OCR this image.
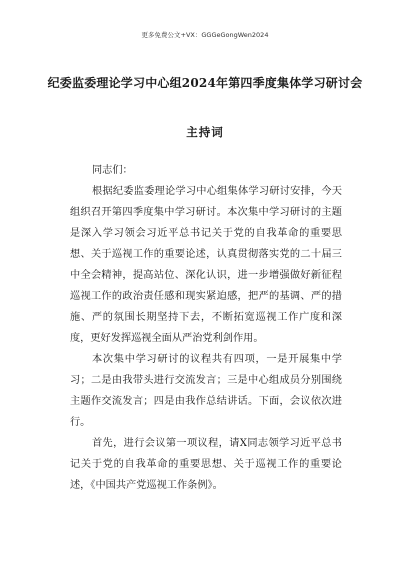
更多免费公文+VX：GGGeGongWen2024
纪委监委理论学习中心组2024年第四季度集体学习研讨会
主持词

同志们：

根据纪委监委理论学习中心组集体学习研讨安排，今天组织召开第四季度集中学习研讨。本次集中学习研讨的主题是深入学习领会习近平总书记关于党的自我革命的重要思想、关于巡视工作的重要论述，认真贯彻落实党的二十届三中全会精神，提高站位、深化认识，进一步增强做好新征程巡视工作的政治责任感和现实紧迫感，把严的基调、严的措施、严的氛围长期坚持下去，不断拓宽巡视工作广度和深度，更好发挥巡视全面从严治党利剑作用。

本次集中学习研讨的议程共有四项，一是开展集中学习；二是由我带头进行交流发言；三是中心组成员分别围绕主题作交流发言；四是由我作总结讲话。下面，会议依次进行。

首先，进行会议第一项议程，请X同志领学习近平总书记关于党的自我革命的重要思想、关于巡视工作的重要论述，《中国共产党巡视工作条例》。
